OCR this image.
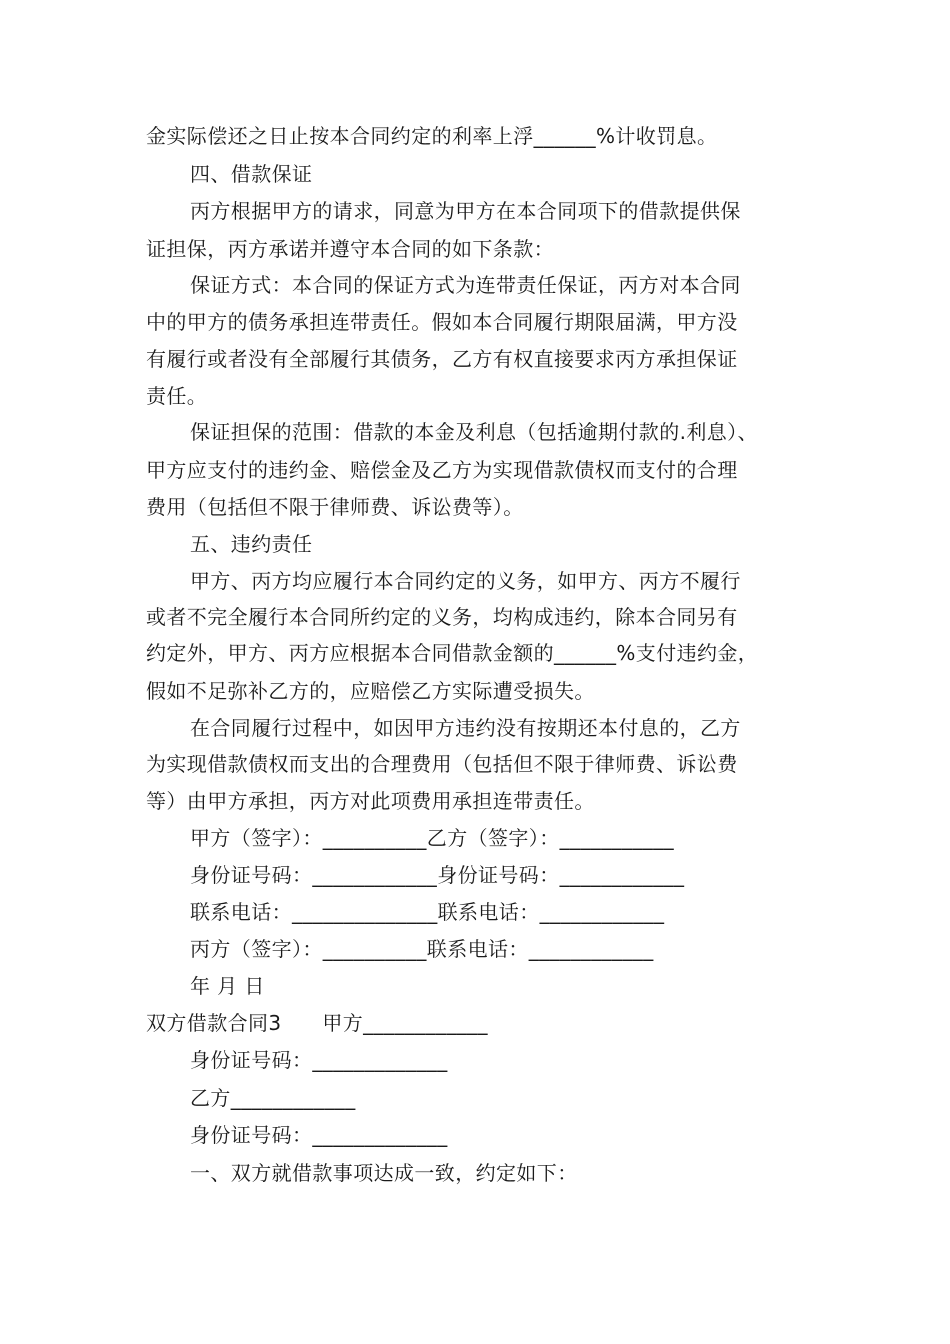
金实际偿还之日止按本合同约定的利率上浮______%计收罚息。
四、借款保证
丙方根据甲方的请求，同意为甲方在本合同项下的借款提供保
证担保，丙方承诺并遵守本合同的如下条款：
保证方式：本合同的保证方式为连带责任保证，丙方对本合同
中的甲方的债务承担连带责任。假如本合同履行期限届满，甲方没
有履行或者没有全部履行其债务，乙方有权直接要求丙方承担保证
责任。
保证担保的范围：借款的本金及利息（包括逾期付款的.利息）、
甲方应支付的违约金、赔偿金及乙方为实现借款债权而支付的合理
费用（包括但不限于律师费、诉讼费等）。
五、违约责任
甲方、丙方均应履行本合同约定的义务，如甲方、丙方不履行
或者不完全履行本合同所约定的义务，均构成违约，除本合同另有
约定外，甲方、丙方应根据本合同借款金额的______%支付违约金，
假如不足弥补乙方的，应赔偿乙方实际遭受损失。
在合同履行过程中，如因甲方违约没有按期还本付息的，乙方
为实现借款债权而支出的合理费用（包括但不限于律师费、诉讼费
等）由甲方承担，丙方对此项费用承担连带责任。
甲方（签字）：__________乙方（签字）：___________
身份证号码：____________身份证号码：____________
联系电话：______________联系电话：____________
丙方（签字）：__________联系电话：____________
年 月 日
双方借款合同3　　甲方____________
身份证号码：_____________
乙方____________
身份证号码：_____________
一、双方就借款事项达成一致，约定如下：
